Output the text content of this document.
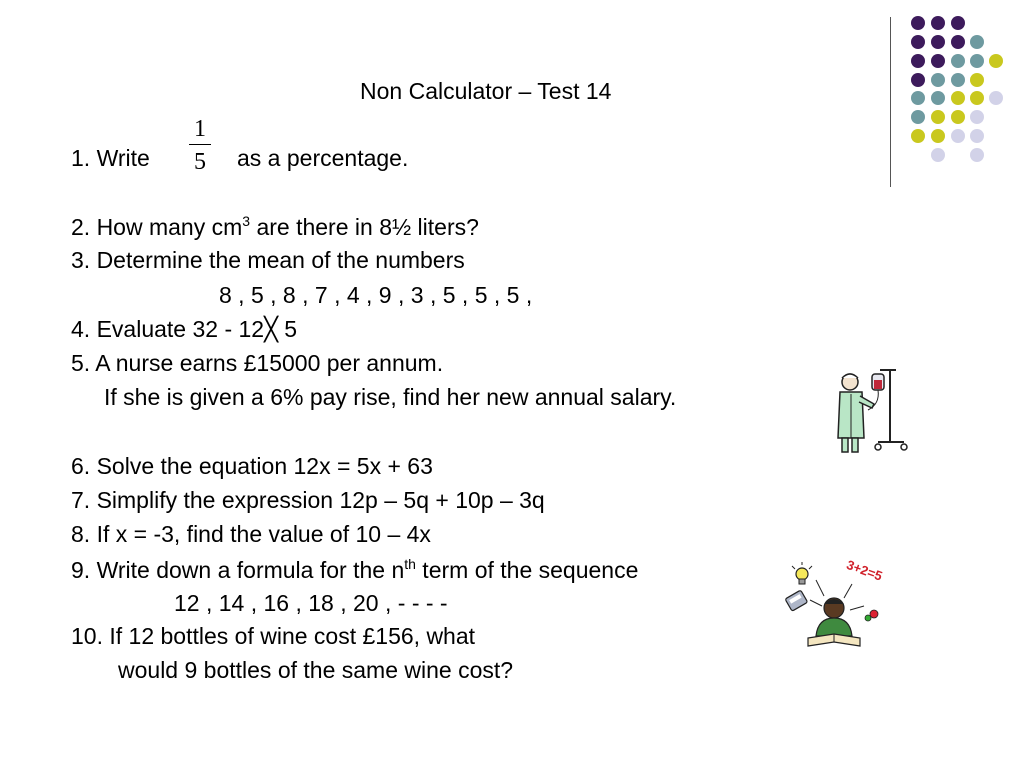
Non Calculator – Test 14
1. Write
1
5	as a percentage.
2. How many $cm^3$ are there in 8½ liters?
3. Determine the mean of the numbers
8 , 5 , 8 , 7 , 4 , 9 , 3 , 5 , 5 , 5 ,
4. Evaluate 32 - 12╳ 5
5. A nurse earns £15000 per annum.
If she is given a 6% pay rise, find her new annual salary.
6. Solve the equation 12x = 5x + 63
7. Simplify the expression 12p – 5q + 10p – 3q
8. If x = -3, find the value of 10 – 4x
9. Write down a formula for the $n^{th}$ term of the sequence
12 , 14 , 16 , 18 , 20 , - - - -
10. If 12 bottles of wine cost £156, what
would 9 bottles of the same wine cost?
3+2=5
